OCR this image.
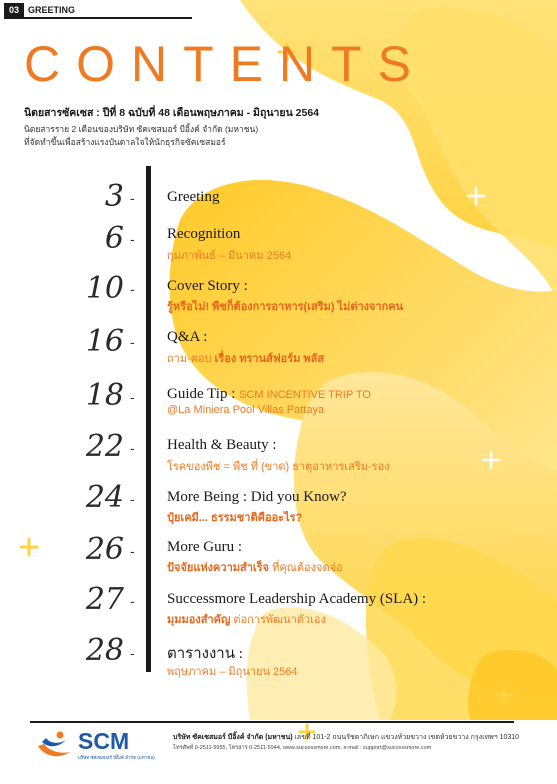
03	GREETING
CONTENTS
นิตยสารซัคเซส : ปีที่ 8 ฉบับที่ 48 เดือนพฤษภาคม - มิถุนายน 2564
นิตยสารราย 2 เดือนของบริษัท ซัคเซสมอร์ บีอิ้งค์ จำกัด (มหาชน)
ที่จัดทำขึ้นเพื่อสร้างแรงบันดาลใจให้นักธุรกิจซัคเซสมอร์
3 - Greeting
6 - Recognition
กุมภาพันธ์ – มีนาคม 2564
10 - Cover Story :
รู้หรือไม่! พืชก็ต้องการอาหาร(เสริม) ไม่ต่างจากคน
16 - Q&A :
ถาม-ตอบ เรื่อง ทรานส์ฟอร์ม พลัส
18 - Guide Tip : SCM INCENTIVE TRIP TO
@La Miniera Pool Villas Pattaya
22 - Health & Beauty :
โรคของพืช = พืช ที่ (ขาด) ธาตุอาหารเสริม-รอง
24 - More Being : Did you Know?
ปุ๋ยเคมี... ธรรมชาติคืออะไร?
26 - More Guru :
ปัจจัยแห่งความสำเร็จ ที่คุณต้องจดจ่อ
27 - Successmore Leadership Academy (SLA) :
มุมมองสำคัญ ต่อการพัฒนาตัวเอง
28 - ตารางงาน :
พฤษภาคม – มิถุนายน 2564
SCM
บริษัท ซัคเซสมอร์ บีอิ้งค์ จำกัด (มหาชน)
บริษัท ซัคเซสมอร์ บีอิ้งค์ จำกัด (มหาชน) เลขที่ 101-2 ถนนรัชดาภิเษก แขวงห้วยขวาง เขตห้วยขวาง กรุงเทพฯ 10310
โทรศัพท์ 0-2511-5955, โทรสาร 0-2511-5944, www.successmore.com, e-mail : support@successmore.com
